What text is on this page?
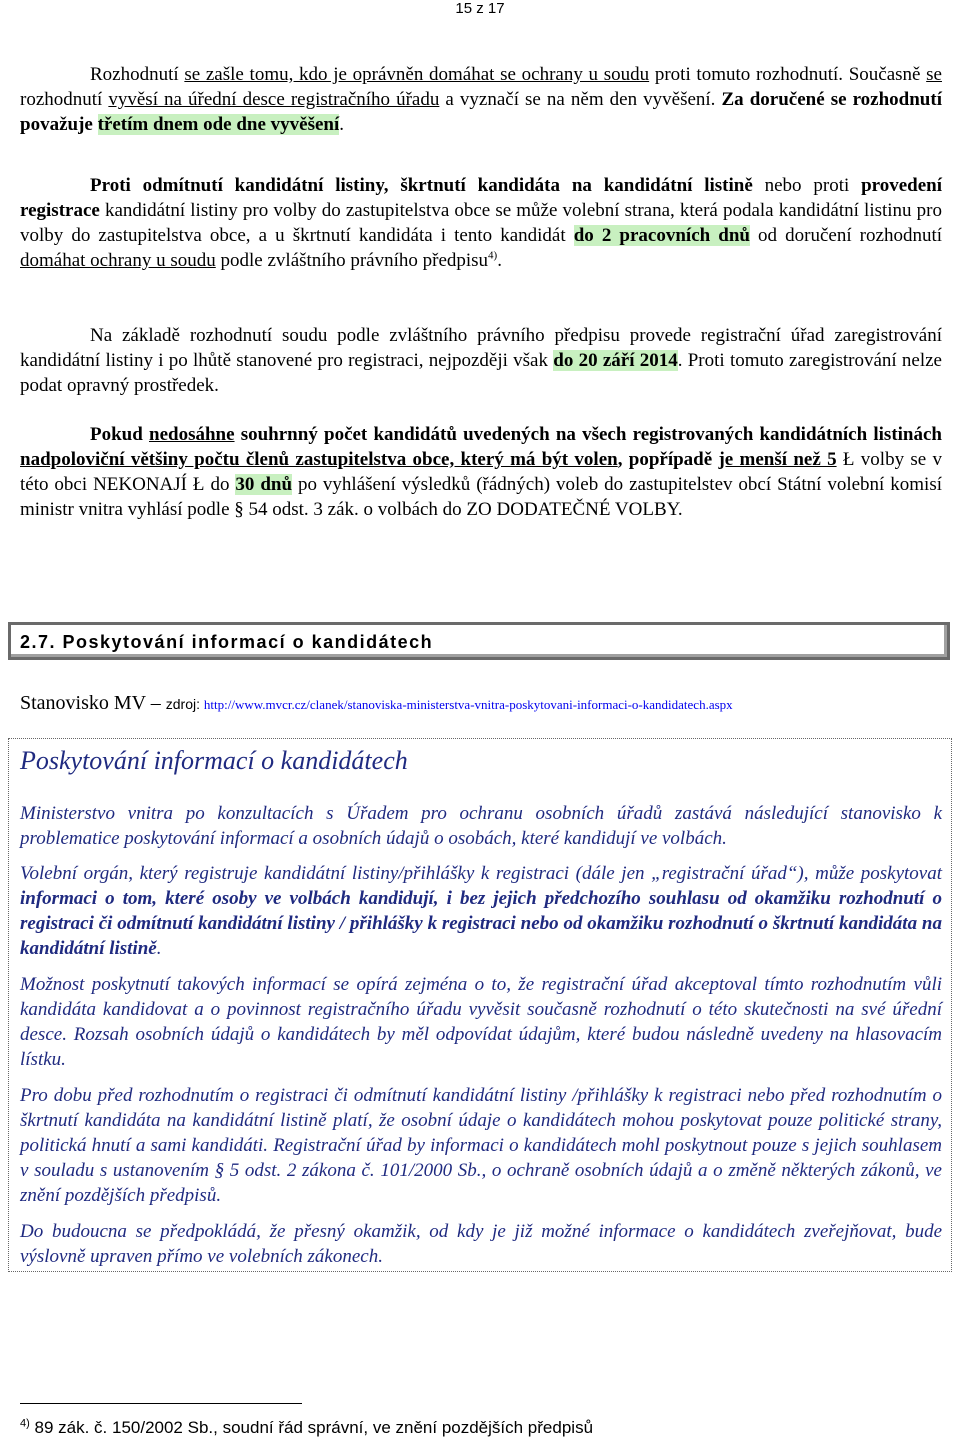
15 z 17
Rozhodnutí se zašle tomu, kdo je oprávněn domáhat se ochrany u soudu proti tomuto rozhodnutí. Současně se rozhodnutí vyvěsí na úřední desce registračního úřadu a vyznačí se na něm den vyvěšení. Za doručené se rozhodnutí považuje třetím dnem ode dne vyvěšení.
Proti odmítnutí kandidátní listiny, škrtnutí kandidáta na kandidátní listině nebo proti provedení registrace kandidátní listiny pro volby do zastupitelstva obce se může volební strana, která podala kandidátní listinu pro volby do zastupitelstva obce, a u škrtnutí kandidáta i tento kandidát do 2 pracovních dnů od doručení rozhodnutí domáhat ochrany u soudu podle zvláštního právního předpisu$^{4)}$.
Na základě rozhodnutí soudu podle zvláštního právního předpisu provede registrační úřad zaregistrování kandidátní listiny i po lhůtě stanovené pro registraci, nejpozději však do 20 září 2014. Proti tomuto zaregistrování nelze podat opravný prostředek.
Pokud nedosáhne souhrnný počet kandidátů uvedených na všech registrovaných kandidátních listinách nadpoloviční většiny počtu členů zastupitelstva obce, který má být volen, popřípadě je menší než 5 Ł volby se v této obci NEKONAJÍ Ł do 30 dnů po vyhlášení výsledků (řádných) voleb do zastupitelstev obcí Státní volební komisí ministr vnitra vyhlásí podle § 54 odst. 3 zák. o volbách do ZO DODATEČNÉ VOLBY.
2.7. Poskytování informací o kandidátech
Stanovisko MV – zdroj: http://www.mvcr.cz/clanek/stanoviska-ministerstva-vnitra-poskytovani-informaci-o-kandidatech.aspx
Poskytování informací o kandidátech
Ministerstvo vnitra po konzultacích s Úřadem pro ochranu osobních úřadů zastává následující stanovisko k problematice poskytování informací a osobních údajů o osobách, které kandidují ve volbách.
Volební orgán, který registruje kandidátní listiny/přihlášky k registraci (dále jen „registrační úřad“), může poskytovat informaci o tom, které osoby ve volbách kandidují, i bez jejich předchozího souhlasu od okamžiku rozhodnutí o registraci či odmítnutí kandidátní listiny / přihlášky k registraci nebo od okamžiku rozhodnutí o škrtnutí kandidáta na kandidátní listině.
Možnost poskytnutí takových informací se opírá zejména o to, že registrační úřad akceptoval tímto rozhodnutím vůli kandidáta kandidovat a o povinnost registračního úřadu vyvěsit současně rozhodnutí o této skutečnosti na své úřední desce. Rozsah osobních údajů o kandidátech by měl odpovídat údajům, které budou následně uvedeny na hlasovacím lístku.
Pro dobu před rozhodnutím o registraci či odmítnutí kandidátní listiny /přihlášky k registraci nebo před rozhodnutím o škrtnutí kandidáta na kandidátní listině platí, že osobní údaje o kandidátech mohou poskytovat pouze politické strany, politická hnutí a sami kandidáti. Registrační úřad by informaci o kandidátech mohl poskytnout pouze s jejich souhlasem v souladu s ustanovením § 5 odst. 2 zákona č. 101/2000 Sb., o ochraně osobních údajů a o změně některých zákonů, ve znění pozdějších předpisů.
Do budoucna se předpokládá, že přesný okamžik, od kdy je již možné informace o kandidátech zveřejňovat, bude výslovně upraven přímo ve volebních zákonech.
$^{4)}$ 89 zák. č. 150/2002 Sb., soudní řád správní, ve znění pozdějších předpisů
